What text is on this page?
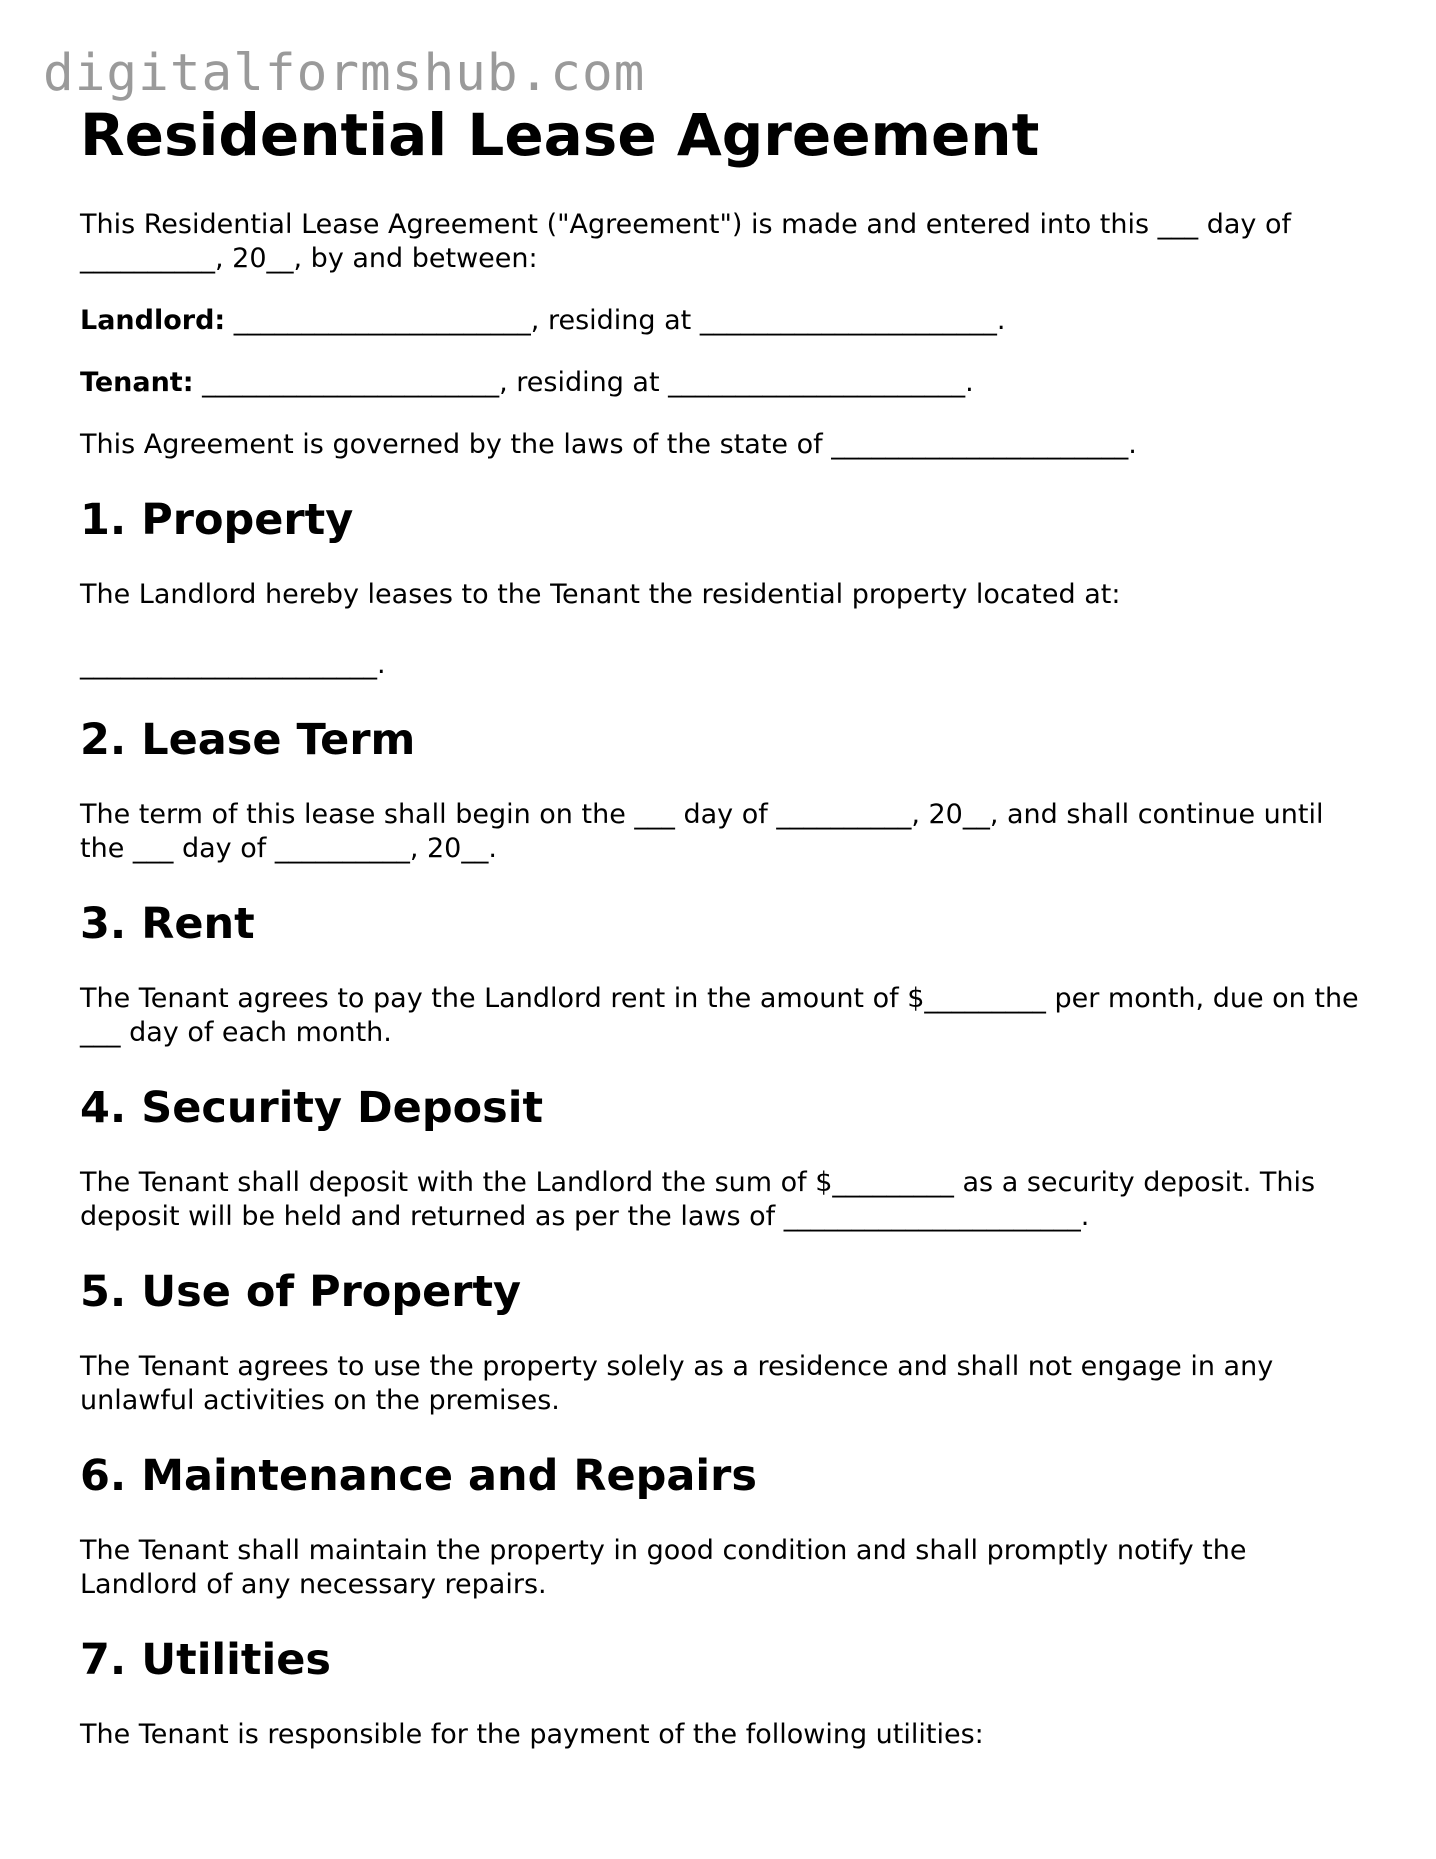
digitalformshub.com
Residential Lease Agreement

This Residential Lease Agreement ("Agreement") is made and entered into this ___ day of __________, 20__, by and between:

Landlord: ______________________, residing at ______________________.

Tenant: ______________________, residing at ______________________.

This Agreement is governed by the laws of the state of ______________________.

1. Property

The Landlord hereby leases to the Tenant the residential property located at:

______________________.

2. Lease Term

The term of this lease shall begin on the ___ day of __________, 20__, and shall continue until the ___ day of __________, 20__.

3. Rent

The Tenant agrees to pay the Landlord rent in the amount of $_________ per month, due on the ___ day of each month.

4. Security Deposit

The Tenant shall deposit with the Landlord the sum of $_________ as a security deposit. This deposit will be held and returned as per the laws of ______________________.

5. Use of Property

The Tenant agrees to use the property solely as a residence and shall not engage in any unlawful activities on the premises.

6. Maintenance and Repairs

The Tenant shall maintain the property in good condition and shall promptly notify the Landlord of any necessary repairs.

7. Utilities

The Tenant is responsible for the payment of the following utilities:
